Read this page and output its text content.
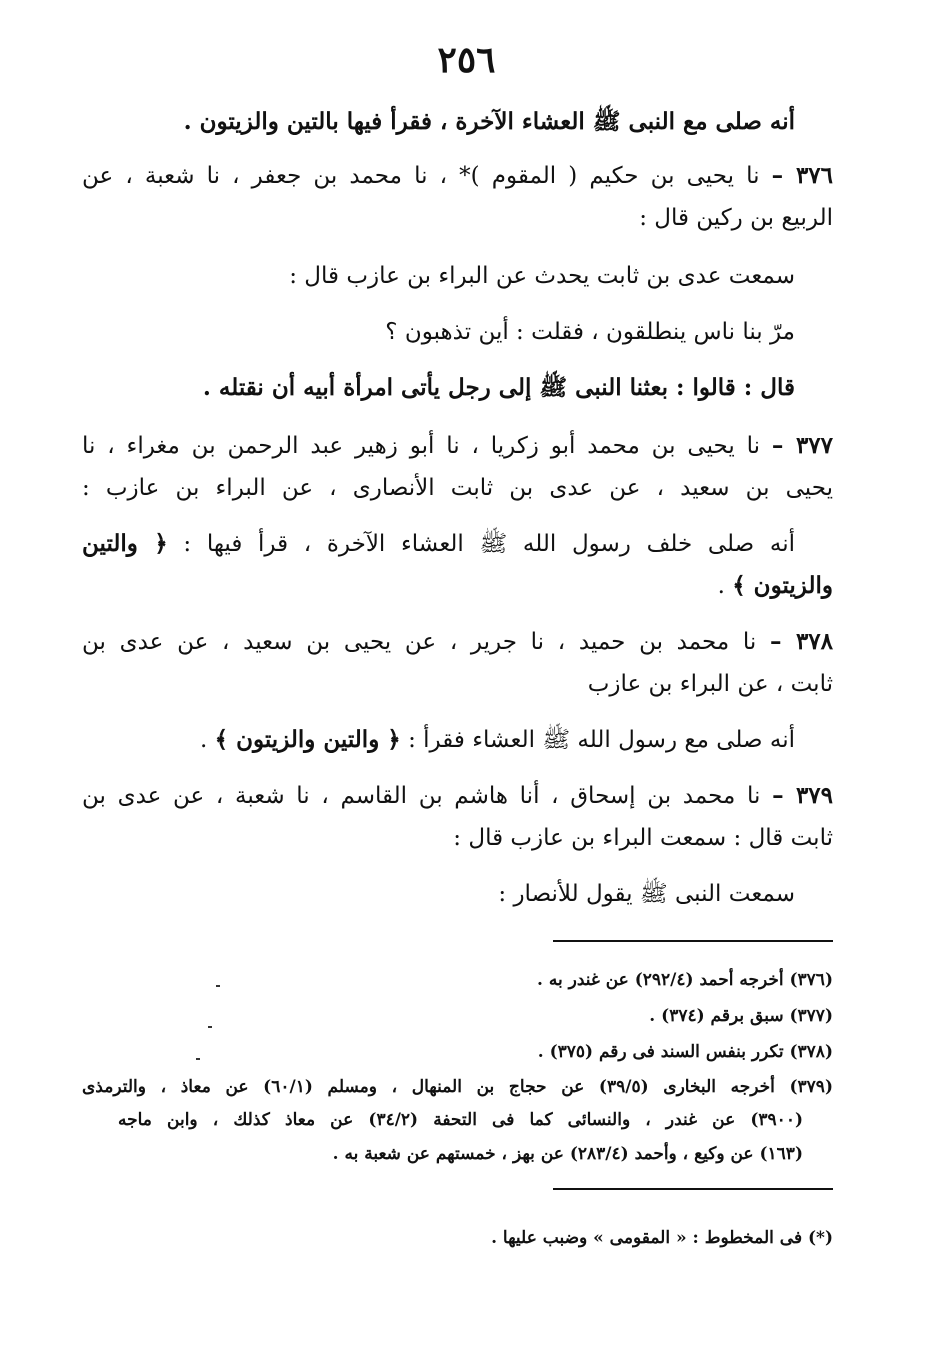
٢٥٦
أنه صلى مع النبى ﷺ العشاء الآخرة ، فقرأ فيها بالتين والزيتون .
٣٧٦ – نا يحيى بن حكيم ( المقوم )* ، نا محمد بن جعفر ، نا شعبة ، عن
الربيع بن ركين قال :
سمعت عدى بن ثابت يحدث عن البراء بن عازب قال :
مرّ بنا ناس ينطلقون ، فقلت : أين تذهبون ؟
قال : قالوا : بعثنا النبى ﷺ إلى رجل يأتى امرأة أبيه أن نقتله .
٣٧٧ – نا يحيى بن محمد أبو زكريا ، نا أبو زهير عبد الرحمن بن مغراء ، نا
يحيى بن سعيد ، عن عدى بن ثابت الأنصارى ، عن البراء بن عازب :
أنه صلى خلف رسول الله ﷺ العشاء الآخرة ، قرأ فيها : ﴿ والتين
والزيتون ﴾ .
٣٧٨ – نا محمد بن حميد ، نا جرير ، عن يحيى بن سعيد ، عن عدى بن
ثابت ، عن البراء بن عازب
أنه صلى مع رسول الله ﷺ العشاء فقرأ : ﴿ والتين والزيتون ﴾ .
٣٧٩ – نا محمد بن إسحاق ، أنا هاشم بن القاسم ، نا شعبة ، عن عدى بن
ثابت قال : سمعت البراء بن عازب قال :
سمعت النبى ﷺ يقول للأنصار :
(٣٧٦) أخرجه أحمد (٢٩٢/٤) عن غندر به .
(٣٧٧) سبق برقم (٣٧٤) .
(٣٧٨) تكرر بنفس السند فى رقم (٣٧٥) .
(٣٧٩) أخرجه البخارى (٣٩/٥) عن حجاج بن المنهال ، ومسلم (٦٠/١) عن معاذ ، والترمذى
(٣٩٠٠) عن غندر ، والنسائى كما فى التحفة (٣٤/٢) عن معاذ كذلك ، وابن ماجه
(١٦٣) عن وكيع ، وأحمد (٢٨٣/٤) عن بهز ، خمستهم عن شعبة به .
(*) فى المخطوط : « المقومى » وضبب عليها .
